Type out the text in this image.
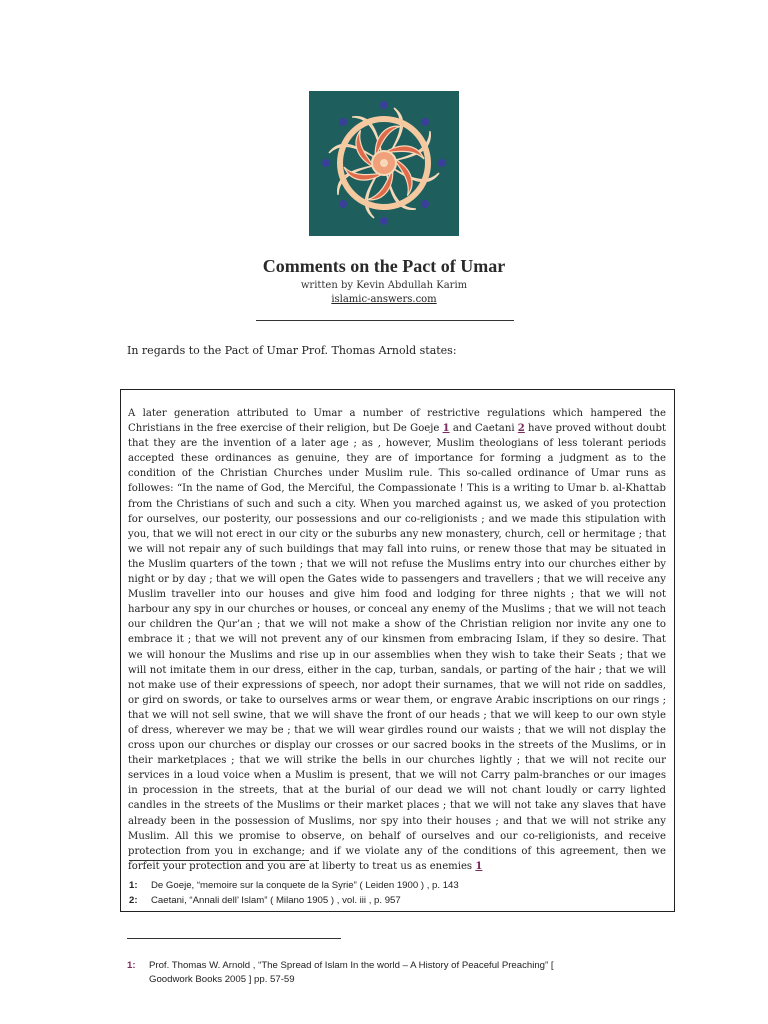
Comments on the Pact of Umar
written by Kevin Abdullah Karim
islamic-answers.com
In regards to the Pact of Umar Prof. Thomas Arnold states:

A later generation attributed to Umar a number of restrictive regulations which hampered the Christians in the free exercise of their religion, but De Goeje 1 and Caetani 2 have proved without doubt that they are the invention of a later age ; as , however, Muslim theologians of less tolerant periods accepted these ordinances as genuine, they are of importance for forming a judgment as to the condition of the Christian Churches under Muslim rule. This so-called ordinance of Umar runs as followes: “In the name of God, the Merciful, the Compassionate ! This is a writing to Umar b. al-Khattab from the Christians of such and such a city. When you marched against us, we asked of you protection for ourselves, our posterity, our possessions and our co-religionists ; and we made this stipulation with you, that we will not erect in our city or the suburbs any new monastery, church, cell or hermitage ; that we will not repair any of such buildings that may fall into ruins, or renew those that may be situated in the Muslim quarters of the town ; that we will not refuse the Muslims entry into our churches either by night or by day ; that we will open the Gates wide to passengers and travellers ; that we will receive any Muslim traveller into our houses and give him food and lodging for three nights ; that we will not harbour any spy in our churches or houses, or conceal any enemy of the Muslims ; that we will not teach our children the Qur’an ; that we will not make a show of the Christian religion nor invite any one to embrace it ; that we will not prevent any of our kinsmen from embracing Islam, if they so desire. That we will honour the Muslims and rise up in our assemblies when they wish to take their Seats ; that we will not imitate them in our dress, either in the cap, turban, sandals, or parting of the hair ; that we will not make use of their expressions of speech, nor adopt their surnames, that we will not ride on saddles, or gird on swords, or take to ourselves arms or wear them, or engrave Arabic inscriptions on our rings ; that we will not sell swine, that we will shave the front of our heads ; that we will keep to our own style of dress, wherever we may be ; that we will wear girdles round our waists ; that we will not display the cross upon our churches or display our crosses or our sacred books in the streets of the Muslims, or in their marketplaces ; that we will strike the bells in our churches lightly ; that we will not recite our services in a loud voice when a Muslim is present, that we will not Carry palm-branches or our images in procession in the streets, that at the burial of our dead we will not chant loudly or carry lighted candles in the streets of the Muslims or their market places ; that we will not take any slaves that have already been in the possession of Muslims, nor spy into their houses ; and that we will not strike any Muslim. All this we promise to observe, on behalf of ourselves and our co-religionists, and receive protection from you in exchange; and if we violate any of the conditions of this agreement, then we forfeit your protection and you are at liberty to treat us as enemies 1

1: De Goeje, “memoire sur la conquete de la Syrie” ( Leiden 1900 ) , p. 143
2: Caetani, “Annali dell’ Islam” ( Milano 1905 ) , vol. iii , p. 957
1:	Prof. Thomas W. Arnold , “The Spread of Islam In the world – A History of Peaceful Preaching” [ Goodwork Books 2005 ] pp. 57-59
